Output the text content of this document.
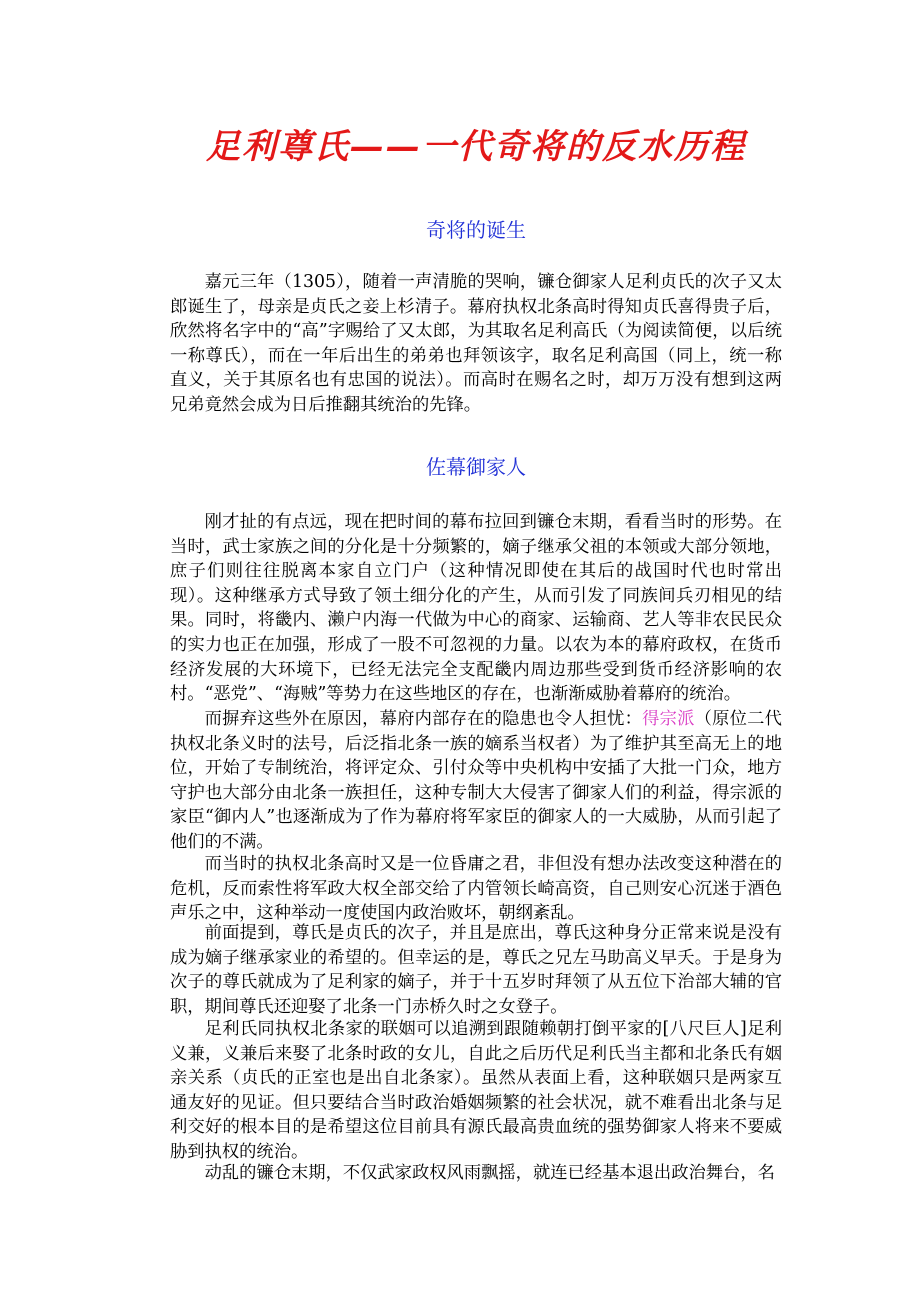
足利尊氏——一代奇将的反水历程
奇将的诞生

嘉元三年（1305），随着一声清脆的哭响，镰仓御家人足利贞氏的次子又太郎诞生了，母亲是贞氏之妾上杉清子。幕府执权北条高时得知贞氏喜得贵子后，欣然将名字中的“高”字赐给了又太郎，为其取名足利高氏（为阅读简便，以后统一称尊氏），而在一年后出生的弟弟也拜领该字，取名足利高国（同上，统一称直义，关于其原名也有忠国的说法）。而高时在赐名之时，却万万没有想到这两兄弟竟然会成为日后推翻其统治的先锋。

佐幕御家人

刚才扯的有点远，现在把时间的幕布拉回到镰仓末期，看看当时的形势。在当时，武士家族之间的分化是十分频繁的，嫡子继承父祖的本领或大部分领地，庶子们则往往脱离本家自立门户（这种情况即使在其后的战国时代也时常出现）。这种继承方式导致了领土细分化的产生，从而引发了同族间兵刃相见的结果。同时，将畿内、濑户内海一代做为中心的商家、运输商、艺人等非农民民众的实力也正在加强，形成了一股不可忽视的力量。以农为本的幕府政权，在货币经济发展的大环境下，已经无法完全支配畿内周边那些受到货币经济影响的农村。“恶党”、“海贼”等势力在这些地区的存在，也渐渐威胁着幕府的统治。

而摒弃这些外在原因，幕府内部存在的隐患也令人担忧：得宗派（原位二代执权北条义时的法号，后泛指北条一族的嫡系当权者）为了维护其至高无上的地位，开始了专制统治，将评定众、引付众等中央机构中安插了大批一门众，地方守护也大部分由北条一族担任，这种专制大大侵害了御家人们的利益，得宗派的家臣“御内人”也逐渐成为了作为幕府将军家臣的御家人的一大威胁，从而引起了他们的不满。

而当时的执权北条高时又是一位昏庸之君，非但没有想办法改变这种潜在的危机，反而索性将军政大权全部交给了内管领长崎高资，自己则安心沉迷于酒色声乐之中，这种举动一度使国内政治败坏，朝纲紊乱。

前面提到，尊氏是贞氏的次子，并且是庶出，尊氏这种身分正常来说是没有成为嫡子继承家业的希望的。但幸运的是，尊氏之兄左马助高义早夭。于是身为次子的尊氏就成为了足利家的嫡子，并于十五岁时拜领了从五位下治部大辅的官职，期间尊氏还迎娶了北条一门赤桥久时之女登子。

足利氏同执权北条家的联姻可以追溯到跟随赖朝打倒平家的[八尺巨人]足利义兼，义兼后来娶了北条时政的女儿，自此之后历代足利氏当主都和北条氏有姻亲关系（贞氏的正室也是出自北条家）。虽然从表面上看，这种联姻只是两家互通友好的见证。但只要结合当时政治婚姻频繁的社会状况，就不难看出北条与足利交好的根本目的是希望这位目前具有源氏最高贵血统的强势御家人将来不要威胁到执权的统治。

动乱的镰仓末期，不仅武家政权风雨飘摇，就连已经基本退出政治舞台，名
